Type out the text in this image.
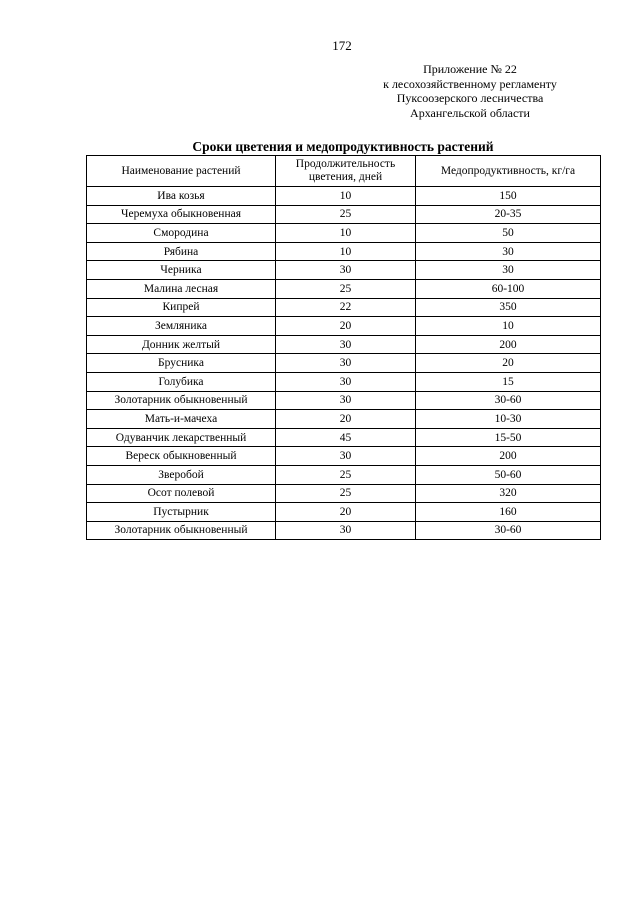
172
Приложение № 22
к лесохозяйственному регламенту
Пуксоозерского лесничества
Архангельской области
Сроки цветения и медопродуктивность растений
Наименование растений	Продолжительность цветения, дней	Медопродуктивность, кг/га
Ива козья	10	150
Черемуха обыкновенная	25	20-35
Смородина	10	50
Рябина	10	30
Черника	30	30
Малина лесная	25	60-100
Кипрей	22	350
Земляника	20	10
Донник желтый	30	200
Брусника	30	20
Голубика	30	15
Золотарник обыкновенный	30	30-60
Мать-и-мачеха	20	10-30
Одуванчик лекарственный	45	15-50
Вереск обыкновенный	30	200
Зверобой	25	50-60
Осот полевой	25	320
Пустырник	20	160
Золотарник обыкновенный	30	30-60
